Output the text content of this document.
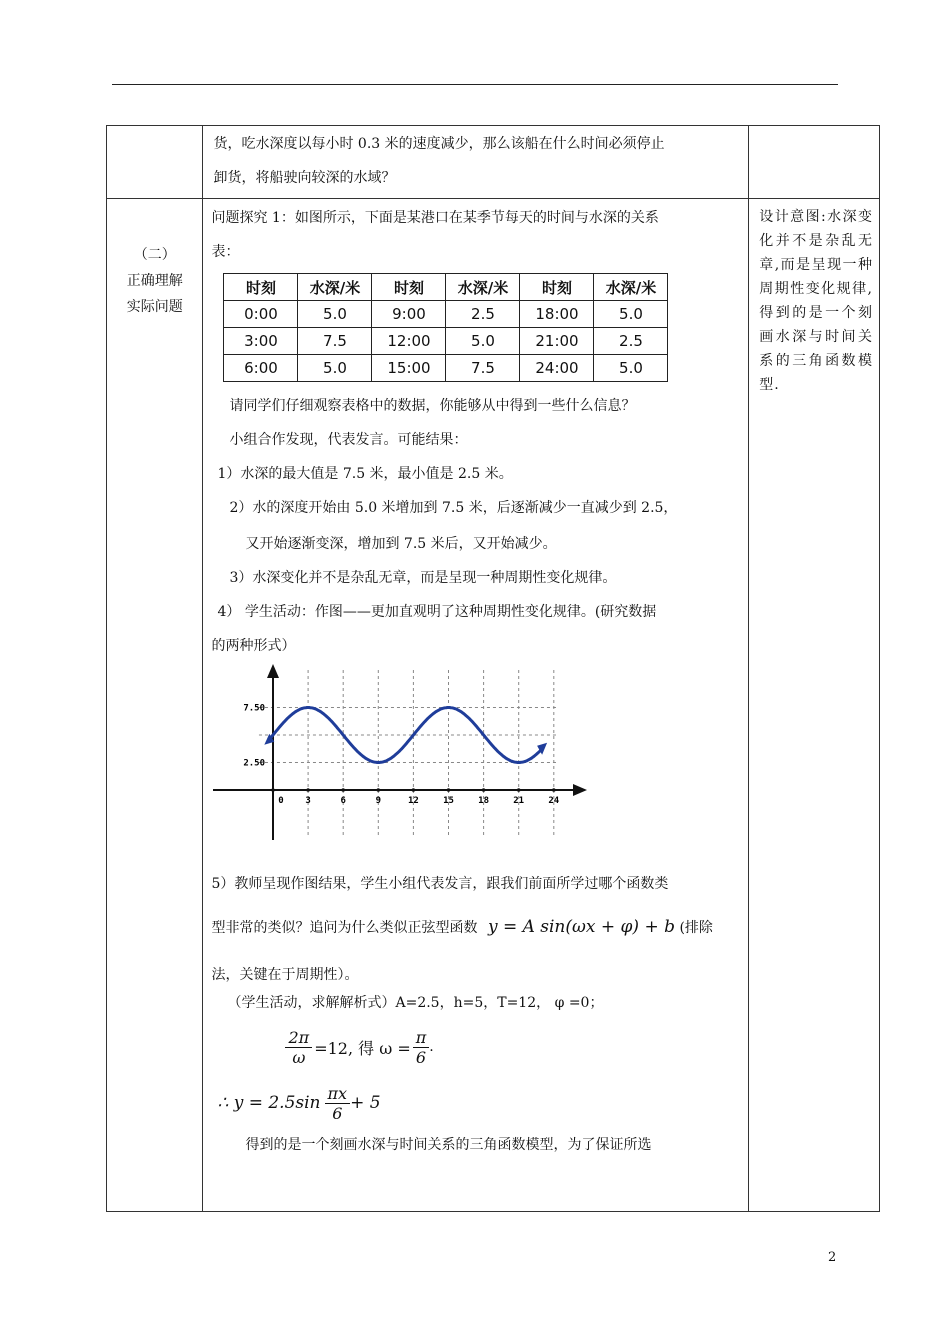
货，吃水深度以每小时 0.3 米的速度减少，那么该船在什么时间必须停止

卸货，将船驶向较深的水域？

（二）
正确理解
实际问题

问题探究 1：如图所示，下面是某港口在某季节每天的时间与水深的关系

表：

时刻	水深/米	时刻	水深/米	时刻	水深/米
0:00	5.0	9:00	2.5	18:00	5.0
3:00	7.5	12:00	5.0	21:00	2.5
6:00	5.0	15:00	7.5	24:00	5.0

请同学们仔细观察表格中的数据，你能够从中得到一些什么信息？

小组合作发现，代表发言。可能结果：

1）水深的最大值是 7.5 米，最小值是 2.5 米。

2）水的深度开始由 5.0 米增加到 7.5 米，后逐渐减少一直减少到 2.5，

又开始逐渐变深，增加到 7.5 米后，又开始减少。

3）水深变化并不是杂乱无章，而是呈现一种周期性变化规律。

4） 学生活动：作图——更加直观明了这种周期性变化规律。(研究数据

的两种形式）

0 3	6	9	12	15	18	21	24
7.50
2.50

5）教师呈现作图结果，学生小组代表发言，跟我们前面所学过哪个函数类

型非常的类似？追问为什么类似正弦型函数 y = A sin(ωx + φ) + b (排除

法，关键在于周期性）。

（学生活动，求解解析式）A=2.5，h=5，T=12， φ =0；

$\frac{2\pi}{\omega} =12$, 得 $\omega = \frac{\pi}{6}$ .
∴ $y = 2.5\sin \frac{\pi x}{6} + 5$

得到的是一个刻画水深与时间关系的三角函数模型，为了保证所选

设计意图:水深变化并不是杂乱无章,而是呈现一种周期性变化规律,得到的是一个刻画水深与时间关系的三角函数模型.
2
